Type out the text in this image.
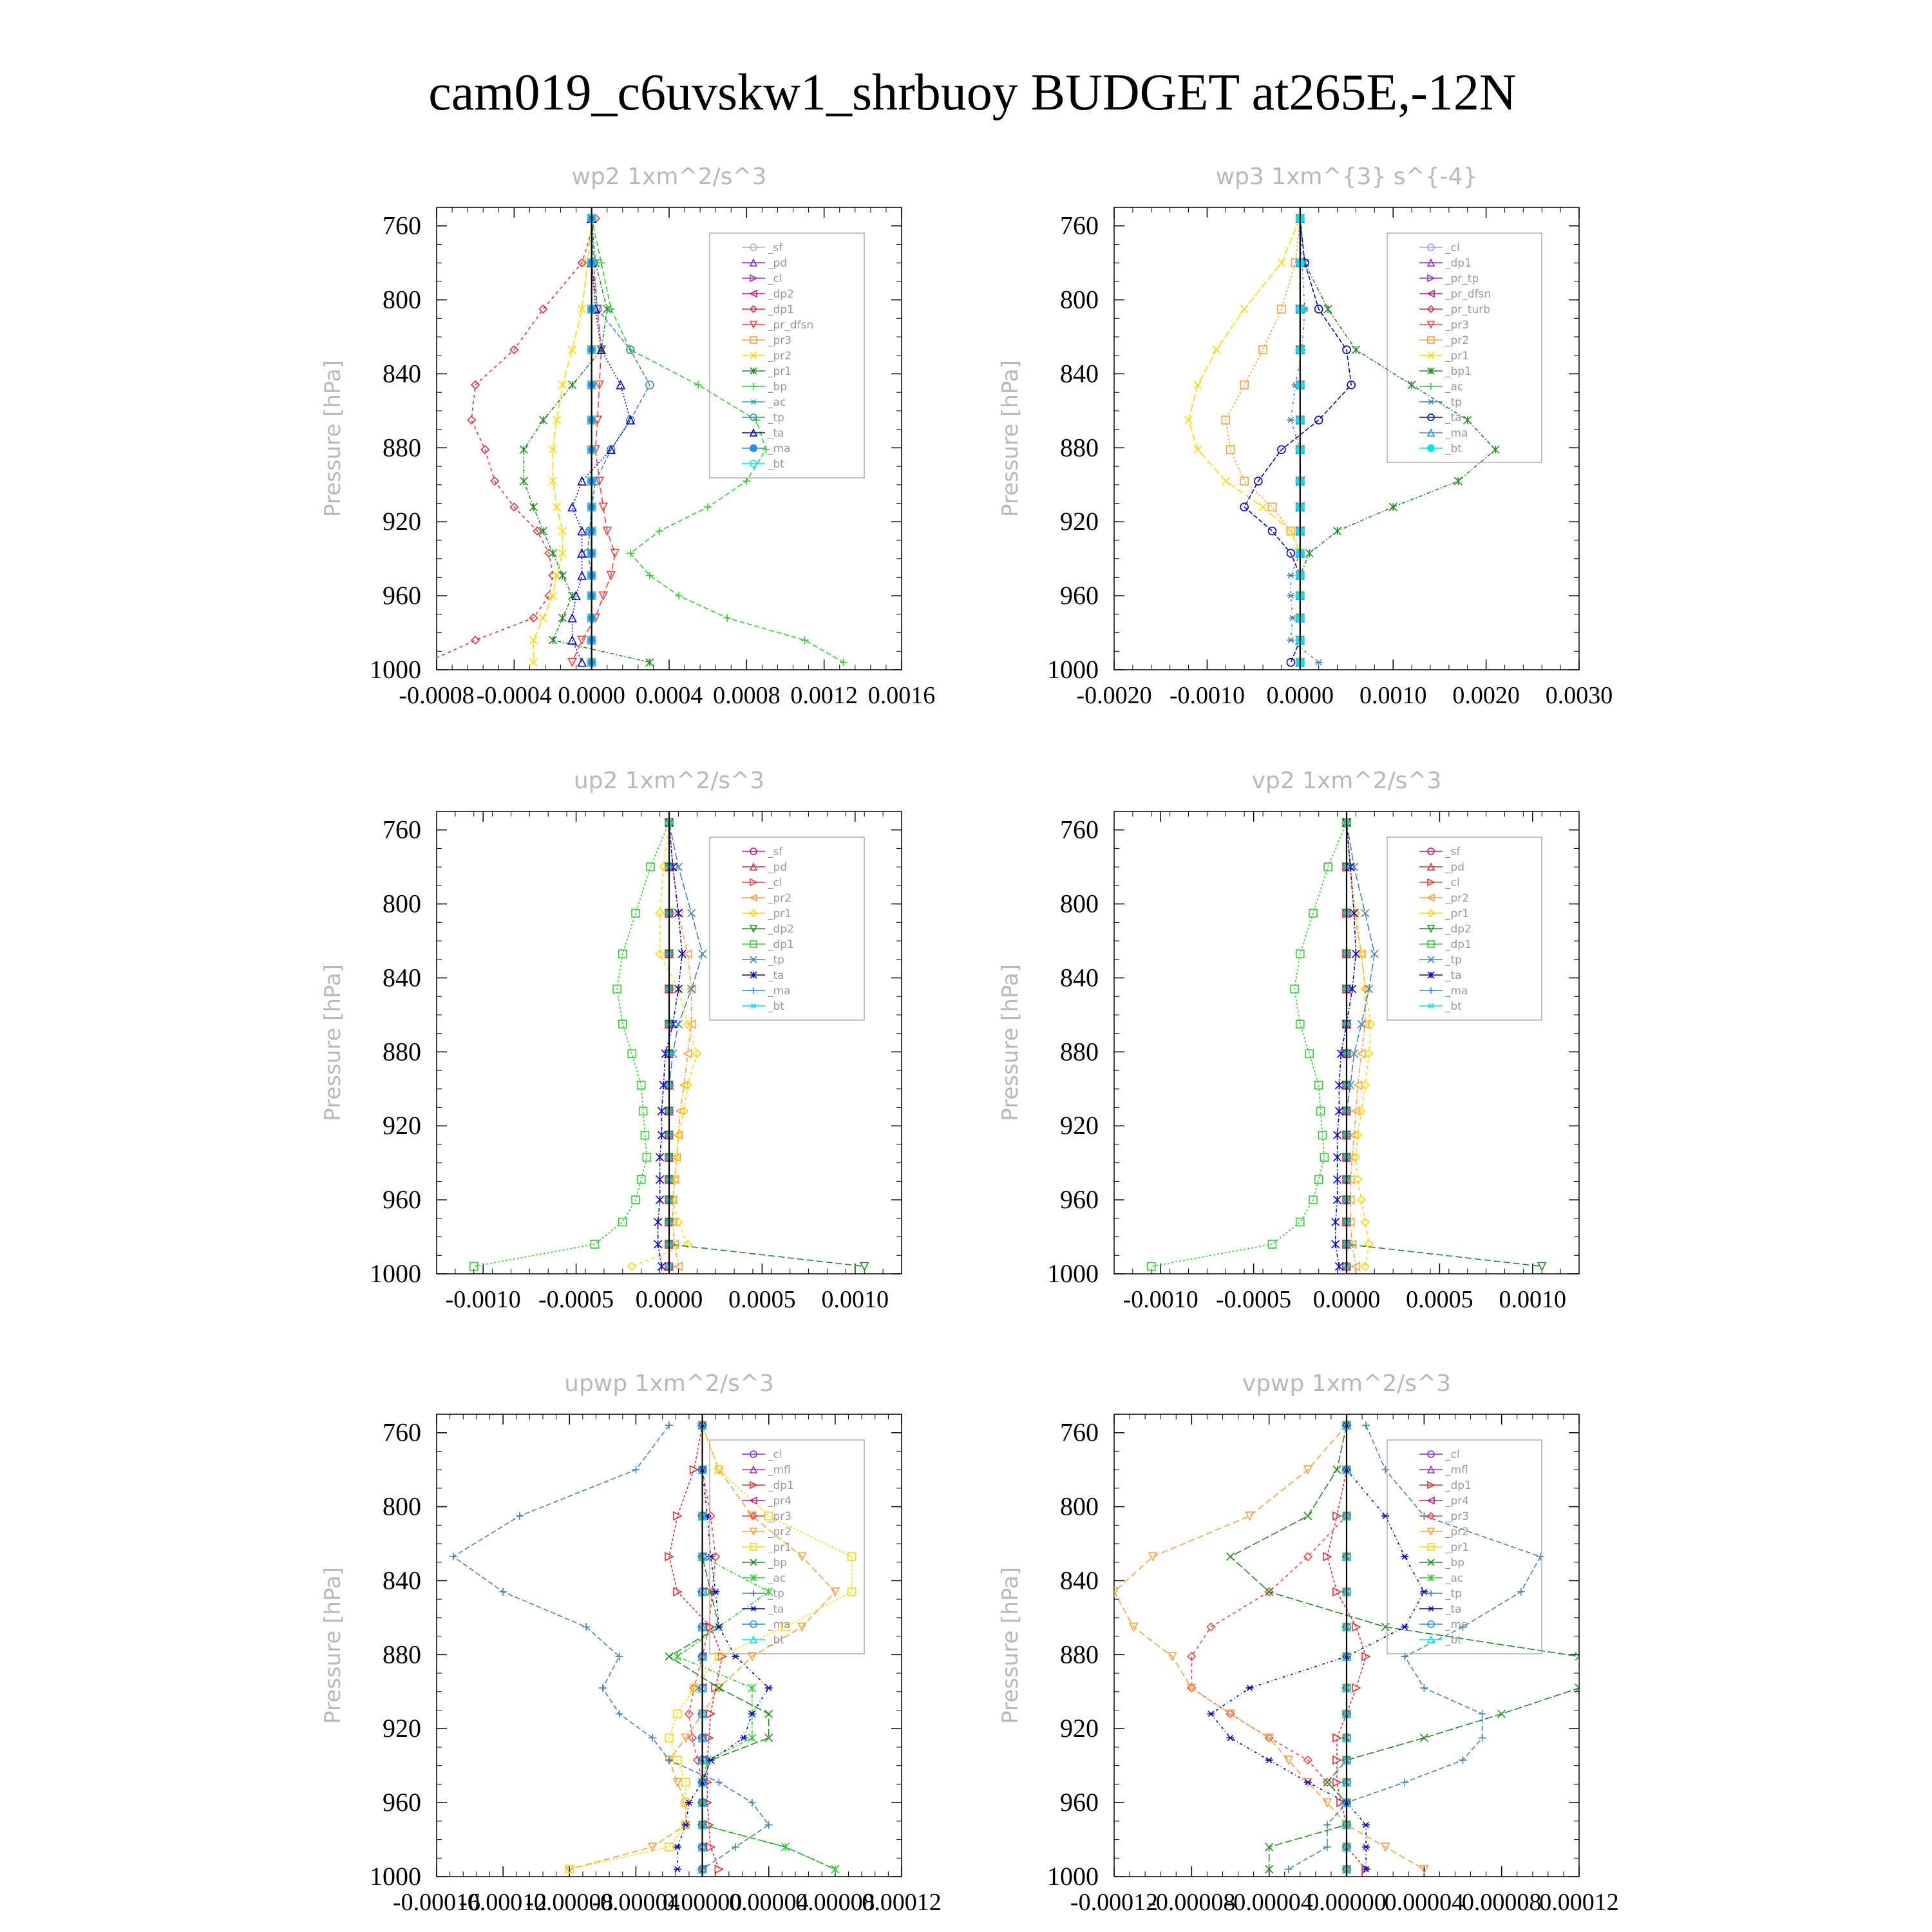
cam019_c6uvskw1_shrbuoy BUDGET at265E,-12N
wp2 1xm^2/s^3
Pressure [hPa]
760
800
840
880
920
960
1000
-0.0008 -0.0004 0.0000 0.0004 0.0008 0.0012 0.0016
_sf
_pd
_cl
_dp2
_dp1
_pr_dfsn
_pr3
_pr2
_pr1
_bp
_ac
_tp
_ta
_ma
_bt
wp3 1xm^{3} s^{-4}
Pressure [hPa]
760
800
840
880
920
960
1000
-0.0020 -0.0010 0.0000 0.0010 0.0020 0.0030
_cl
_dp1
_pr_tp
_pr_dfsn
_pr_turb
_pr3
_pr2
_pr1
_bp1
_ac
_tp
_ta
_ma
_bt
up2 1xm^2/s^3
Pressure [hPa]
760
800
840
880
920
960
1000
-0.0010 -0.0005 0.0000 0.0005 0.0010
_sf
_pd
_cl
_pr2
_pr1
_dp2
_dp1
_tp
_ta
_ma
_bt
vp2 1xm^2/s^3
Pressure [hPa]
760
800
840
880
920
960
1000
-0.0010 -0.0005 0.0000 0.0005 0.0010
_sf
_pd
_cl
_pr2
_pr1
_dp2
_dp1
_tp
_ta
_ma
_bt
upwp 1xm^2/s^3
Pressure [hPa]
760
800
840
880
920
960
1000
-0.00016
-0.00012
-0.00008
-0.00004
0.00000
0.00004
0.00008
0.00012
_cl
_mfl
_dp1
_pr4
_pr3
_pr2
_pr1
_bp
_ac
_tp
_ta
_ma
_bt
vpwp 1xm^2/s^3
Pressure [hPa]
760
800
840
880
920
960
1000
-0.00012
-0.00008
-0.00004
0.00000
0.00004
0.00008
0.00012
_cl
_mfl
_dp1
_pr4
_pr3
_pr2
_pr1
_bp
_ac
_tp
_ta
_ma
_bt
